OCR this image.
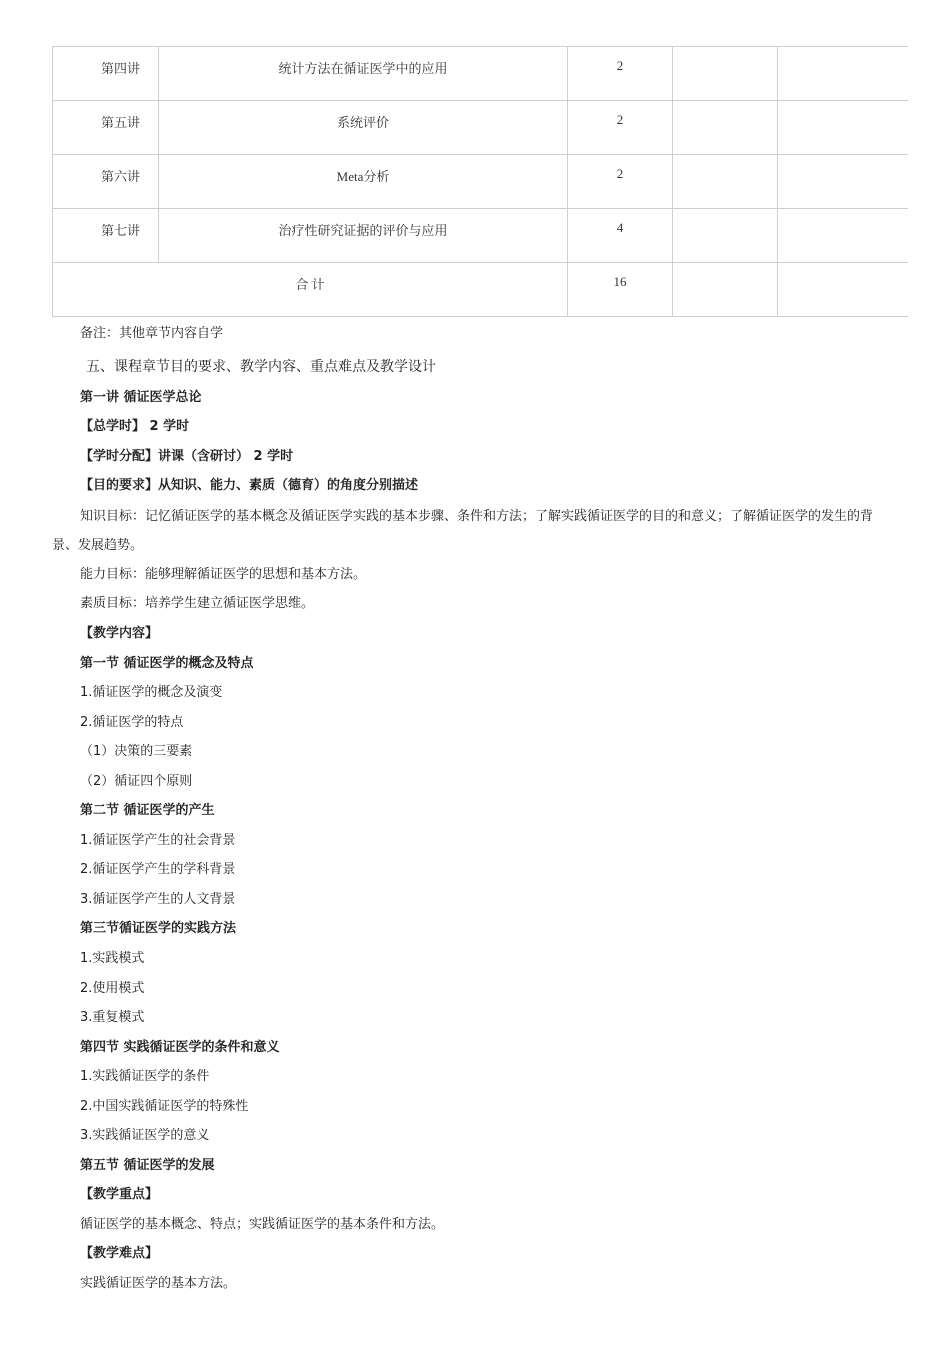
第四讲	统计方法在循证医学中的应用	2		

第五讲	系统评价	2		

第六讲	Meta分析	2		

第七讲	治疗性研究证据的评价与应用	4		

合 计		16		

备注：其他章节内容自学
五、课程章节目的要求、教学内容、重点难点及教学设计
第一讲 循证医学总论
【总学时】 2 学时
【学时分配】讲课（含研讨） 2 学时
【目的要求】从知识、能力、素质（德育）的角度分别描述
知识目标：记忆循证医学的基本概念及循证医学实践的基本步骤、条件和方法；了解实践循证医学的目的和意义；了解循证医学的发生的背景、发展趋势。
能力目标：能够理解循证医学的思想和基本方法。
素质目标：培养学生建立循证医学思维。
【教学内容】
第一节 循证医学的概念及特点
1.循证医学的概念及演变
2.循证医学的特点
（1）决策的三要素
（2）循证四个原则
第二节 循证医学的产生
1.循证医学产生的社会背景
2.循证医学产生的学科背景
3.循证医学产生的人文背景
第三节循证医学的实践方法
1.实践模式
2.使用模式
3.重复模式
第四节 实践循证医学的条件和意义
1.实践循证医学的条件
2.中国实践循证医学的特殊性
3.实践循证医学的意义
第五节 循证医学的发展
【教学重点】
循证医学的基本概念、特点；实践循证医学的基本条件和方法。
【教学难点】
实践循证医学的基本方法。
